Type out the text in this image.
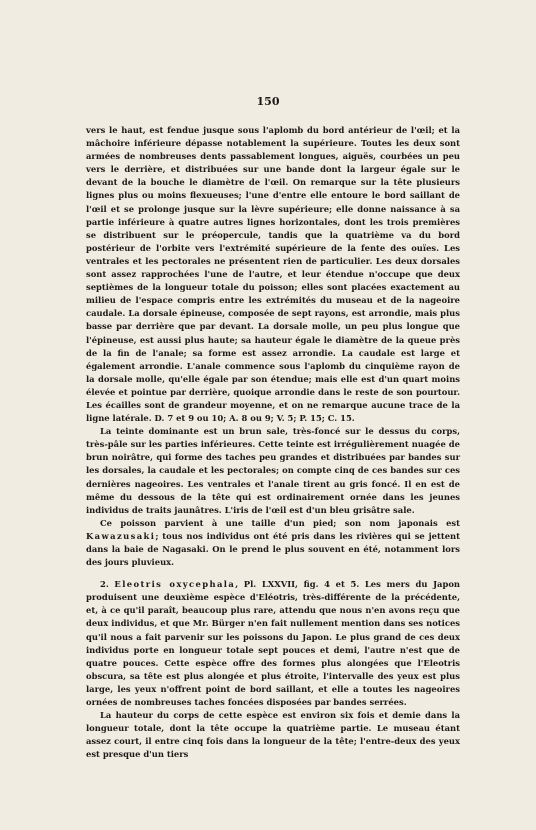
150

vers le haut, est fendue jusque sous l'aplomb du bord antérieur de l'œil; et la mâchoire inférieure dépasse notablement la supérieure. Toutes les deux sont armées de nombreuses dents passablement longues, aiguës, courbées un peu vers le derrière, et distribuées sur une bande dont la largeur égale sur le devant de la bouche le diamètre de l'œil. On remarque sur la tête plusieurs lignes plus ou moins flexueuses; l'une d'entre elle entoure le bord saillant de l'œil et se prolonge jusque sur la lèvre supérieure; elle donne naissance à sa partie inférieure à quatre autres lignes horizontales, dont les trois premières se distribuent sur le préopercule, tandis que la quatrième va du bord postérieur de l'orbite vers l'extrémité supérieure de la fente des ouïes. Les ventrales et les pectorales ne présentent rien de particulier. Les deux dorsales sont assez rapprochées l'une de l'autre, et leur étendue n'occupe que deux septièmes de la longueur totale du poisson; elles sont placées exactement au milieu de l'espace compris entre les extrémités du museau et de la nageoire caudale. La dorsale épineuse, composée de sept rayons, est arrondie, mais plus basse par derrière que par devant. La dorsale molle, un peu plus longue que l'épineuse, est aussi plus haute; sa hauteur égale le diamètre de la queue près de la fin de l'anale; sa forme est assez arrondie. La caudale est large et également arrondie. L'anale commence sous l'aplomb du cinquième rayon de la dorsale molle, qu'elle égale par son étendue; mais elle est d'un quart moins élevée et pointue par derrière, quoique arrondie dans le reste de son pourtour. Les écailles sont de grandeur moyenne, et on ne remarque aucune trace de la ligne latérale. D. 7 et 9 ou 10; A. 8 ou 9; V. 5; P. 15; C. 15.

La teinte dominante est un brun sale, très-foncé sur le dessus du corps, très-pâle sur les parties inférieures. Cette teinte est irrégulièrement nuagée de brun noirâtre, qui forme des taches peu grandes et distribuées par bandes sur les dorsales, la caudale et les pectorales; on compte cinq de ces bandes sur ces dernières nageoires. Les ventrales et l'anale tirent au gris foncé. Il en est de même du dessous de la tête qui est ordinairement ornée dans les jeunes individus de traits jaunâtres. L'iris de l'œil est d'un bleu grisâtre sale.

Ce poisson parvient à une taille d'un pied; son nom japonais est Kawazusaki; tous nos individus ont été pris dans les rivières qui se jettent dans la baie de Nagasaki. On le prend le plus souvent en été, notamment lors des jours pluvieux.

2. Eleotris oxycephala, Pl. LXXVII, fig. 4 et 5. Les mers du Japon produisent une deuxième espèce d'Eléotris, très-différente de la précédente, et, à ce qu'il paraît, beaucoup plus rare, attendu que nous n'en avons reçu que deux individus, et que Mr. Bürger n'en fait nullement mention dans ses notices qu'il nous a fait parvenir sur les poissons du Japon. Le plus grand de ces deux individus porte en longueur totale sept pouces et demi, l'autre n'est que de quatre pouces. Cette espèce offre des formes plus alongées que l'Eleotris obscura, sa tête est plus alongée et plus étroite, l'intervalle des yeux est plus large, les yeux n'offrent point de bord saillant, et elle a toutes les nageoires ornées de nombreuses taches foncées disposées par bandes serrées.

La hauteur du corps de cette espèce est environ six fois et demie dans la longueur totale, dont la tête occupe la quatrième partie. Le museau étant assez court, il entre cinq fois dans la longueur de la tête; l'entre-deux des yeux est presque d'un tiers
